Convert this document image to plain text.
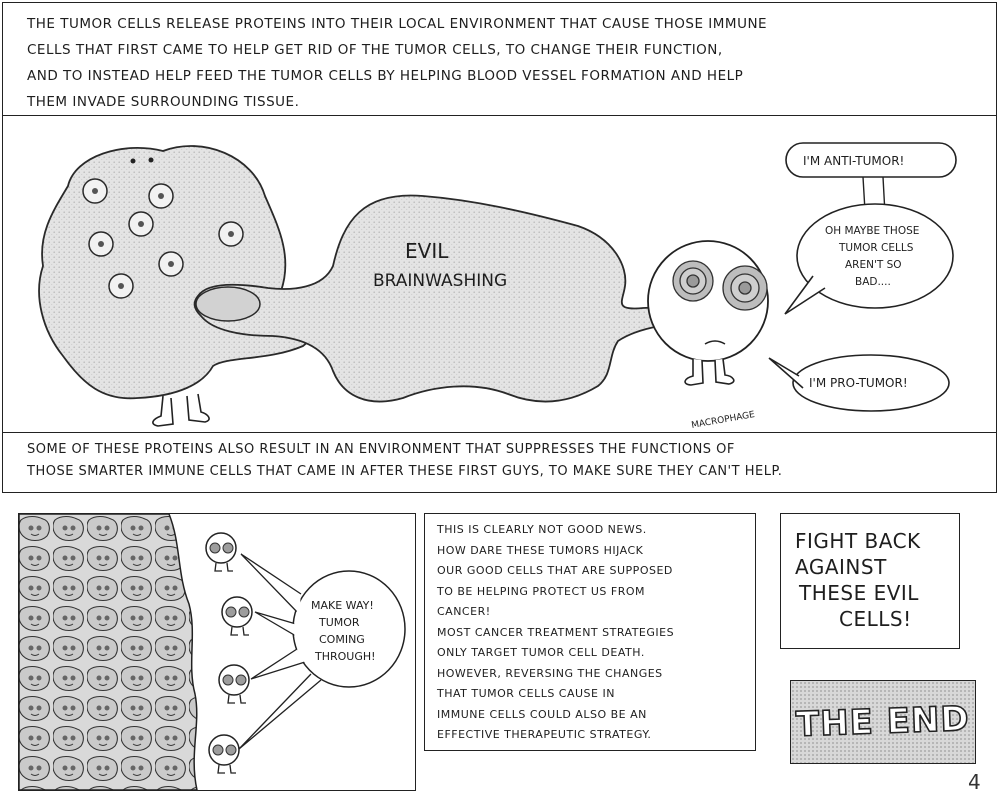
THE TUMOR CELLS RELEASE PROTEINS INTO THEIR LOCAL ENVIRONMENT THAT CAUSE THOSE IMMUNE

CELLS THAT FIRST CAME TO HELP GET RID OF THE TUMOR CELLS, TO CHANGE THEIR FUNCTION,

AND TO INSTEAD HELP FEED THE TUMOR CELLS BY HELPING BLOOD VESSEL FORMATION AND HELP

THEM INVADE SURROUNDING TISSUE.

EVIL
BRAINWASHING
MACROPHAGE
I'M ANTI-TUMOR!
OH MAYBE THOSE
TUMOR CELLS
AREN'T SO
BAD....
I'M PRO-TUMOR!

SOME OF THESE PROTEINS ALSO RESULT IN AN ENVIRONMENT THAT SUPPRESSES THE FUNCTIONS OF

THOSE SMARTER IMMUNE CELLS THAT CAME IN AFTER THESE FIRST GUYS, TO MAKE SURE THEY CAN'T HELP.

MAKE WAY!
TUMOR
COMING
THROUGH!

THIS IS CLEARLY NOT GOOD NEWS.

HOW DARE THESE TUMORS HIJACK

OUR GOOD CELLS THAT ARE SUPPOSED

TO BE HELPING PROTECT US FROM

CANCER!

MOST CANCER TREATMENT STRATEGIES

ONLY TARGET TUMOR CELL DEATH.

HOWEVER, REVERSING THE CHANGES

THAT TUMOR CELLS CAUSE IN

IMMUNE CELLS COULD ALSO BE AN

EFFECTIVE THERAPEUTIC STRATEGY.

FIGHT BACK
AGAINST
THESE EVIL
CELLS!
THE END
4
